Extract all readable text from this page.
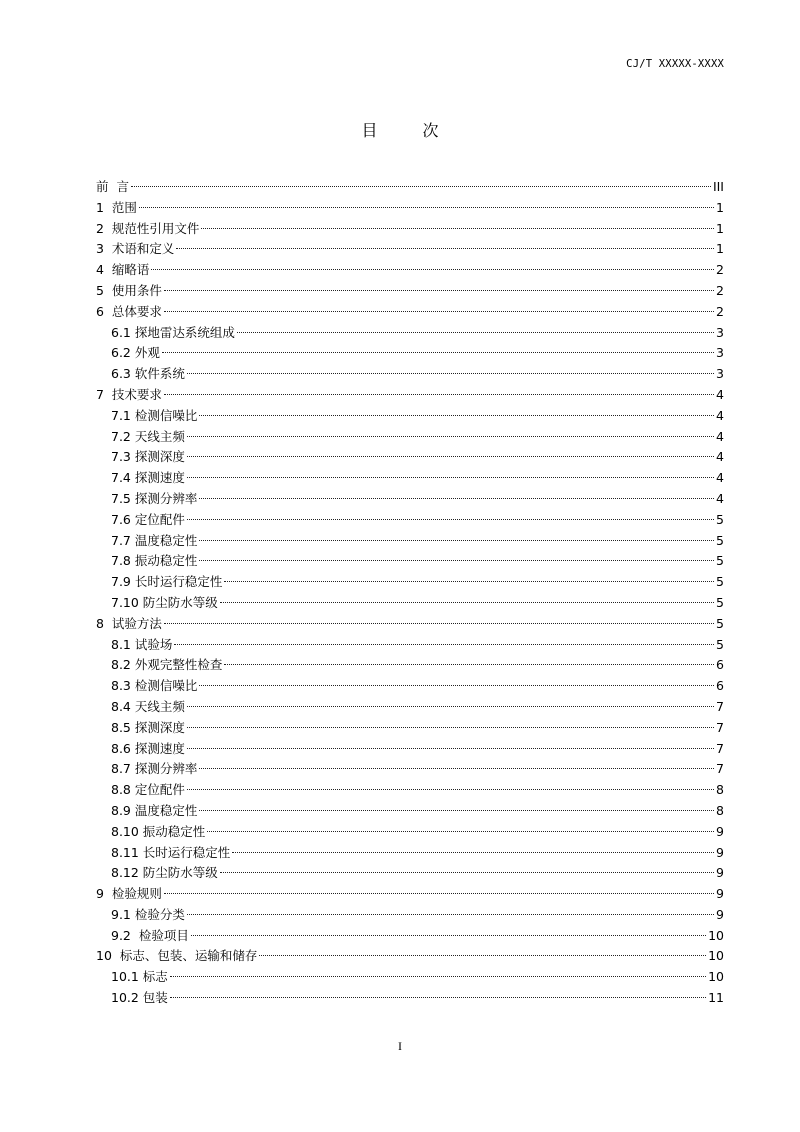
CJ/T XXXXX-XXXX
目 次
前  言	III
1  范围	1
2  规范性引用文件	1
3  术语和定义	1
4  缩略语	2
5  使用条件	2
6  总体要求	2
6.1 探地雷达系统组成	3
6.2 外观	3
6.3 软件系统	3
7  技术要求	4
7.1 检测信噪比	4
7.2 天线主频	4
7.3 探测深度	4
7.4 探测速度	4
7.5 探测分辨率	4
7.6 定位配件	5
7.7 温度稳定性	5
7.8 振动稳定性	5
7.9 长时运行稳定性	5
7.10 防尘防水等级	5
8  试验方法	5
8.1 试验场	5
8.2 外观完整性检查	6
8.3 检测信噪比	6
8.4 天线主频	7
8.5 探测深度	7
8.6 探测速度	7
8.7 探测分辨率	7
8.8 定位配件	8
8.9 温度稳定性	8
8.10 振动稳定性	9
8.11 长时运行稳定性	9
8.12 防尘防水等级	9
9  检验规则	9
9.1 检验分类	9
9.2  检验项目	10
10  标志、包装、运输和储存	10
10.1 标志	10
10.2 包装	11
I
